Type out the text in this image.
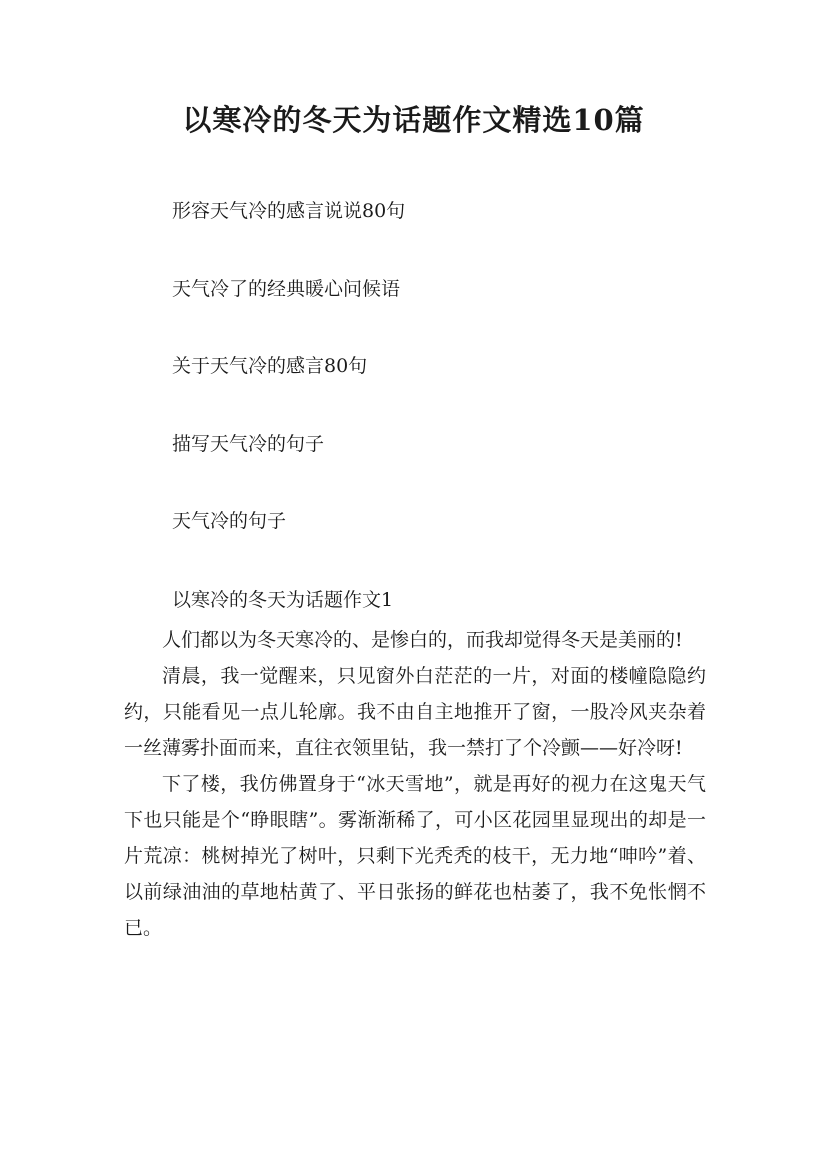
以寒冷的冬天为话题作文精选10篇
形容天气冷的感言说说80句
天气冷了的经典暖心问候语
关于天气冷的感言80句
描写天气冷的句子
天气冷的句子
以寒冷的冬天为话题作文1

人们都以为冬天寒冷的、是惨白的，而我却觉得冬天是美丽的!

清晨，我一觉醒来，只见窗外白茫茫的一片，对面的楼幢隐隐约约，只能看见一点儿轮廓。我不由自主地推开了窗，一股冷风夹杂着一丝薄雾扑面而来，直往衣领里钻，我一禁打了个冷颤——好冷呀!

下了楼，我仿佛置身于“冰天雪地”，就是再好的视力在这鬼天气下也只能是个“睁眼瞎”。雾渐渐稀了，可小区花园里显现出的却是一片荒凉：桃树掉光了树叶，只剩下光秃秃的枝干，无力地“呻吟”着、以前绿油油的草地枯黄了、平日张扬的鲜花也枯萎了，我不免怅惘不已。
